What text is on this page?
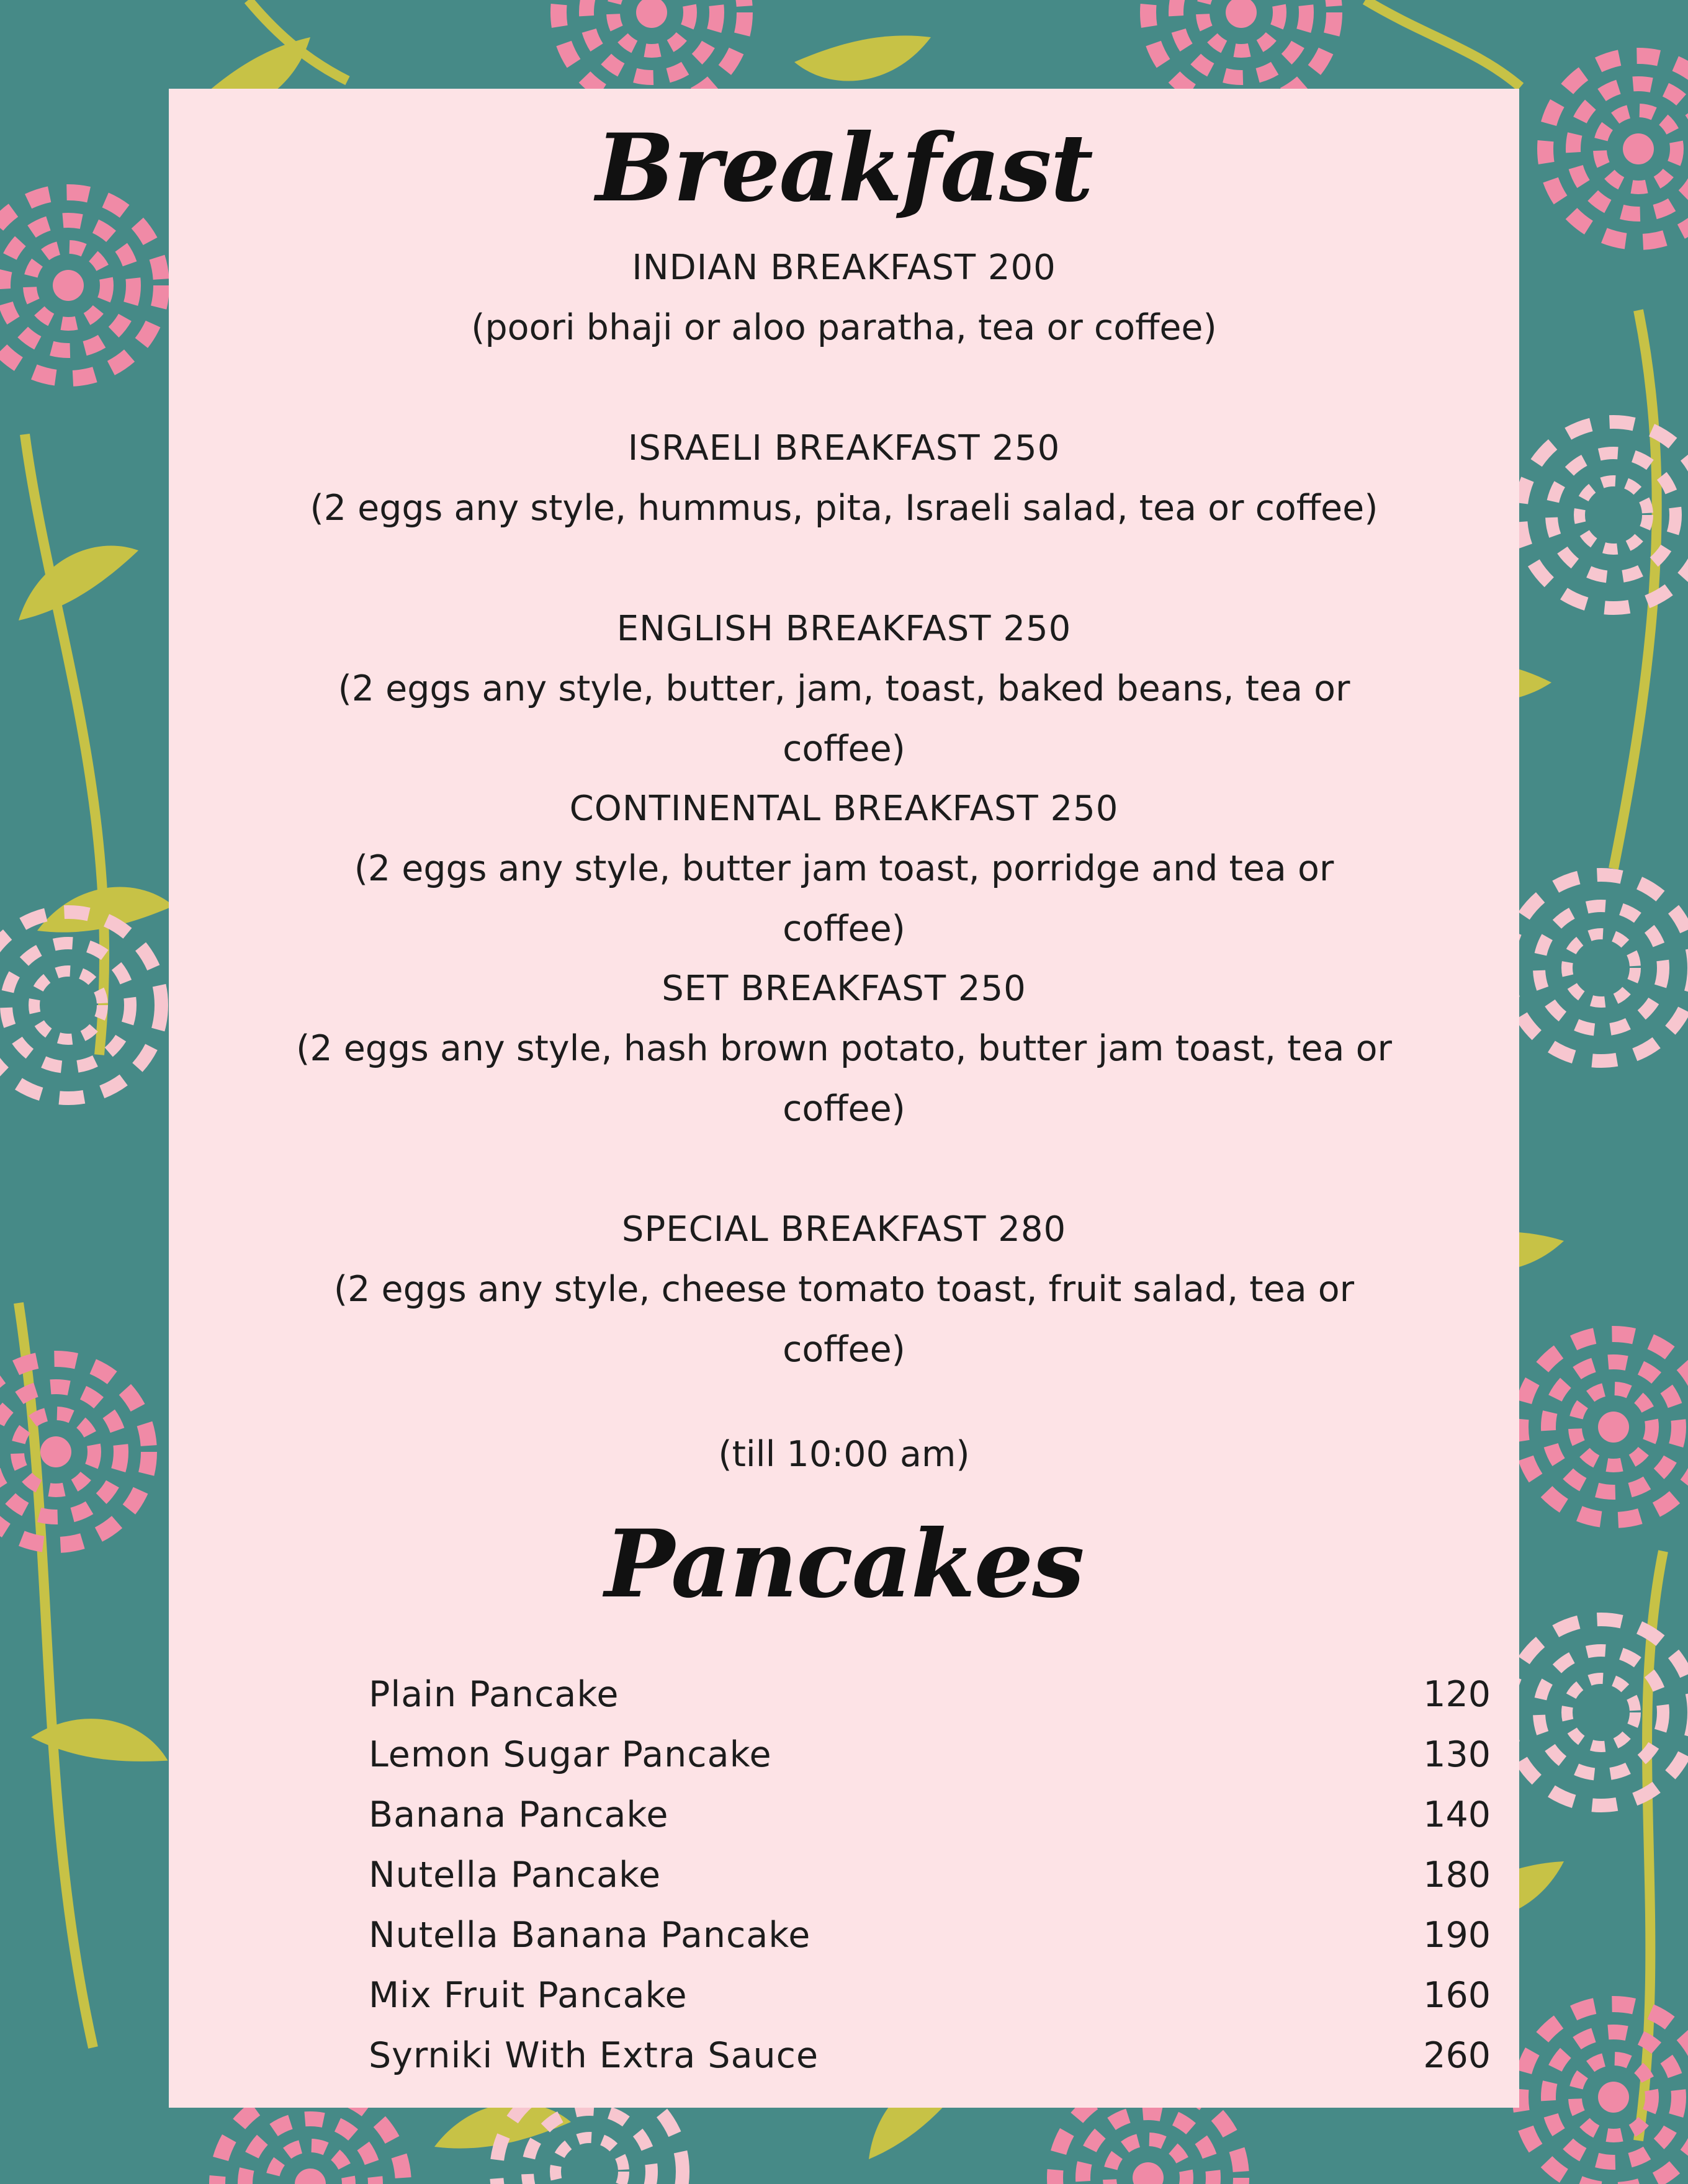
Breakfast
INDIAN BREAKFAST 200
(poori bhaji or aloo paratha, tea or coffee)
ISRAELI BREAKFAST 250
(2 eggs any style, hummus, pita, Israeli salad, tea or coffee)
ENGLISH BREAKFAST 250
(2 eggs any style, butter, jam, toast, baked beans, tea or coffee)
CONTINENTAL BREAKFAST 250
(2 eggs any style, butter jam toast, porridge and tea or coffee)
SET BREAKFAST 250
(2 eggs any style, hash brown potato, butter jam toast, tea or coffee)
SPECIAL BREAKFAST 280
(2 eggs any style, cheese tomato toast, fruit salad, tea or coffee)
(till 10:00 am)
Pancakes
Plain Pancake	120
Lemon Sugar Pancake	130
Banana Pancake	140
Nutella Pancake	180
Nutella Banana Pancake	190
Mix Fruit Pancake	160
Syrniki With Extra Sauce	260
